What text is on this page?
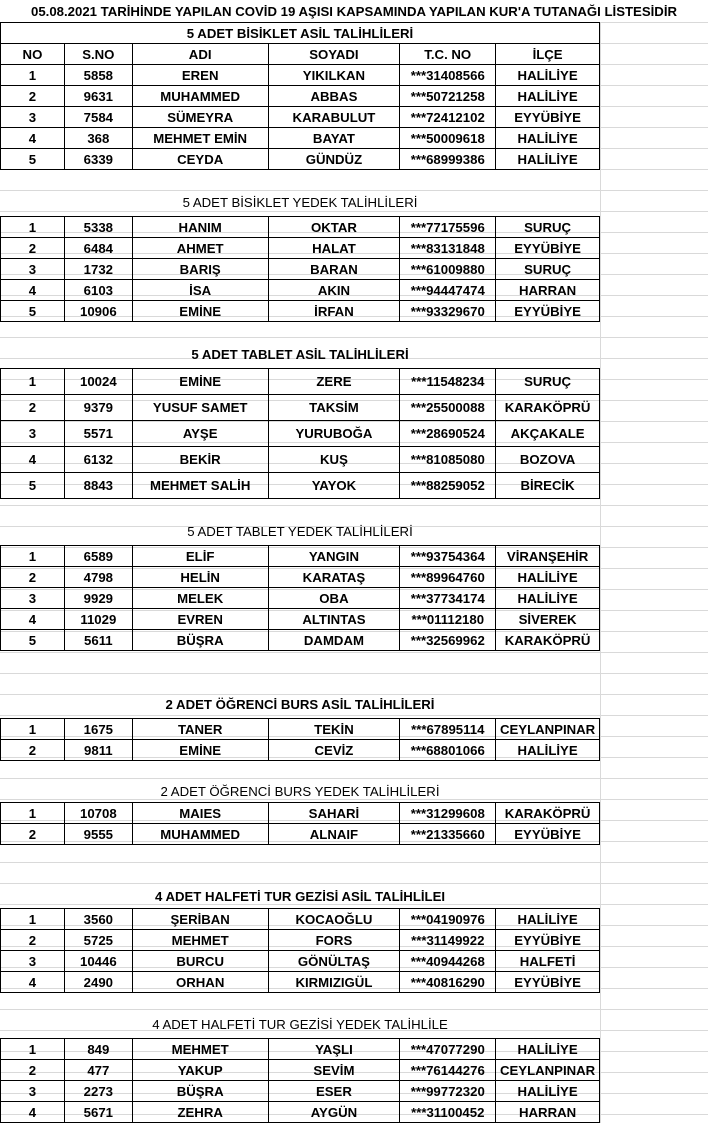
05.08.2021 TARİHİNDE YAPILAN COVİD 19 AŞISI KAPSAMINDA YAPILAN KUR'A TUTANAĞI LİSTESİDİR
5 ADET BİSİKLET ASİL TALİHLİLERİ
NO	S.NO	ADI	SOYADI	T.C. NO	İLÇE
1	5858	EREN	YIKILKAN	***31408566	HALİLİYE
2	9631	MUHAMMED	ABBAS	***50721258	HALİLİYE
3	7584	SÜMEYRA	KARABULUT	***72412102	EYYÜBİYE
4	368	MEHMET EMİN	BAYAT	***50009618	HALİLİYE
5	6339	CEYDA	GÜNDÜZ	***68999386	HALİLİYE
5 ADET BİSİKLET YEDEK TALİHLİLERİ
1	5338	HANIM	OKTAR	***77175596	SURUÇ
2	6484	AHMET	HALAT	***83131848	EYYÜBİYE
3	1732	BARIŞ	BARAN	***61009880	SURUÇ
4	6103	İSA	AKIN	***94447474	HARRAN
5	10906	EMİNE	İRFAN	***93329670	EYYÜBİYE
5 ADET TABLET ASİL TALİHLİLERİ
1	10024	EMİNE	ZERE	***11548234	SURUÇ
2	9379	YUSUF SAMET	TAKSİM	***25500088	KARAKÖPRÜ
3	5571	AYŞE	YURUBOĞA	***28690524	AKÇAKALE
4	6132	BEKİR	KUŞ	***81085080	BOZOVA
5	8843	MEHMET SALİH	YAYOK	***88259052	BİRECİK
5 ADET TABLET YEDEK TALİHLİLERİ
1	6589	ELİF	YANGIN	***93754364	VİRANŞEHİR
2	4798	HELİN	KARATAŞ	***89964760	HALİLİYE
3	9929	MELEK	OBA	***37734174	HALİLİYE
4	11029	EVREN	ALTINTAS	***01112180	SİVEREK
5	5611	BÜŞRA	DAMDAM	***32569962	KARAKÖPRÜ
2 ADET ÖĞRENCİ BURS ASİL TALİHLİLERİ
1	1675	TANER	TEKİN	***67895114	CEYLANPINAR
2	9811	EMİNE	CEVİZ	***68801066	HALİLİYE
2 ADET ÖĞRENCİ BURS YEDEK TALİHLİLERİ
1	10708	MAIES	SAHARİ	***31299608	KARAKÖPRÜ
2	9555	MUHAMMED	ALNAIF	***21335660	EYYÜBİYE
4 ADET HALFETİ TUR GEZİSİ ASİL TALİHLİLEI
1	3560	ŞERİBAN	KOCAOĞLU	***04190976	HALİLİYE
2	5725	MEHMET	FORS	***31149922	EYYÜBİYE
3	10446	BURCU	GÖNÜLTAŞ	***40944268	HALFETİ
4	2490	ORHAN	KIRMIZIGÜL	***40816290	EYYÜBİYE
4 ADET HALFETİ TUR GEZİSİ YEDEK TALİHLİLE
1	849	MEHMET	YAŞLI	***47077290	HALİLİYE
2	477	YAKUP	SEVİM	***76144276	CEYLANPINAR
3	2273	BÜŞRA	ESER	***99772320	HALİLİYE
4	5671	ZEHRA	AYGÜN	***31100452	HARRAN
